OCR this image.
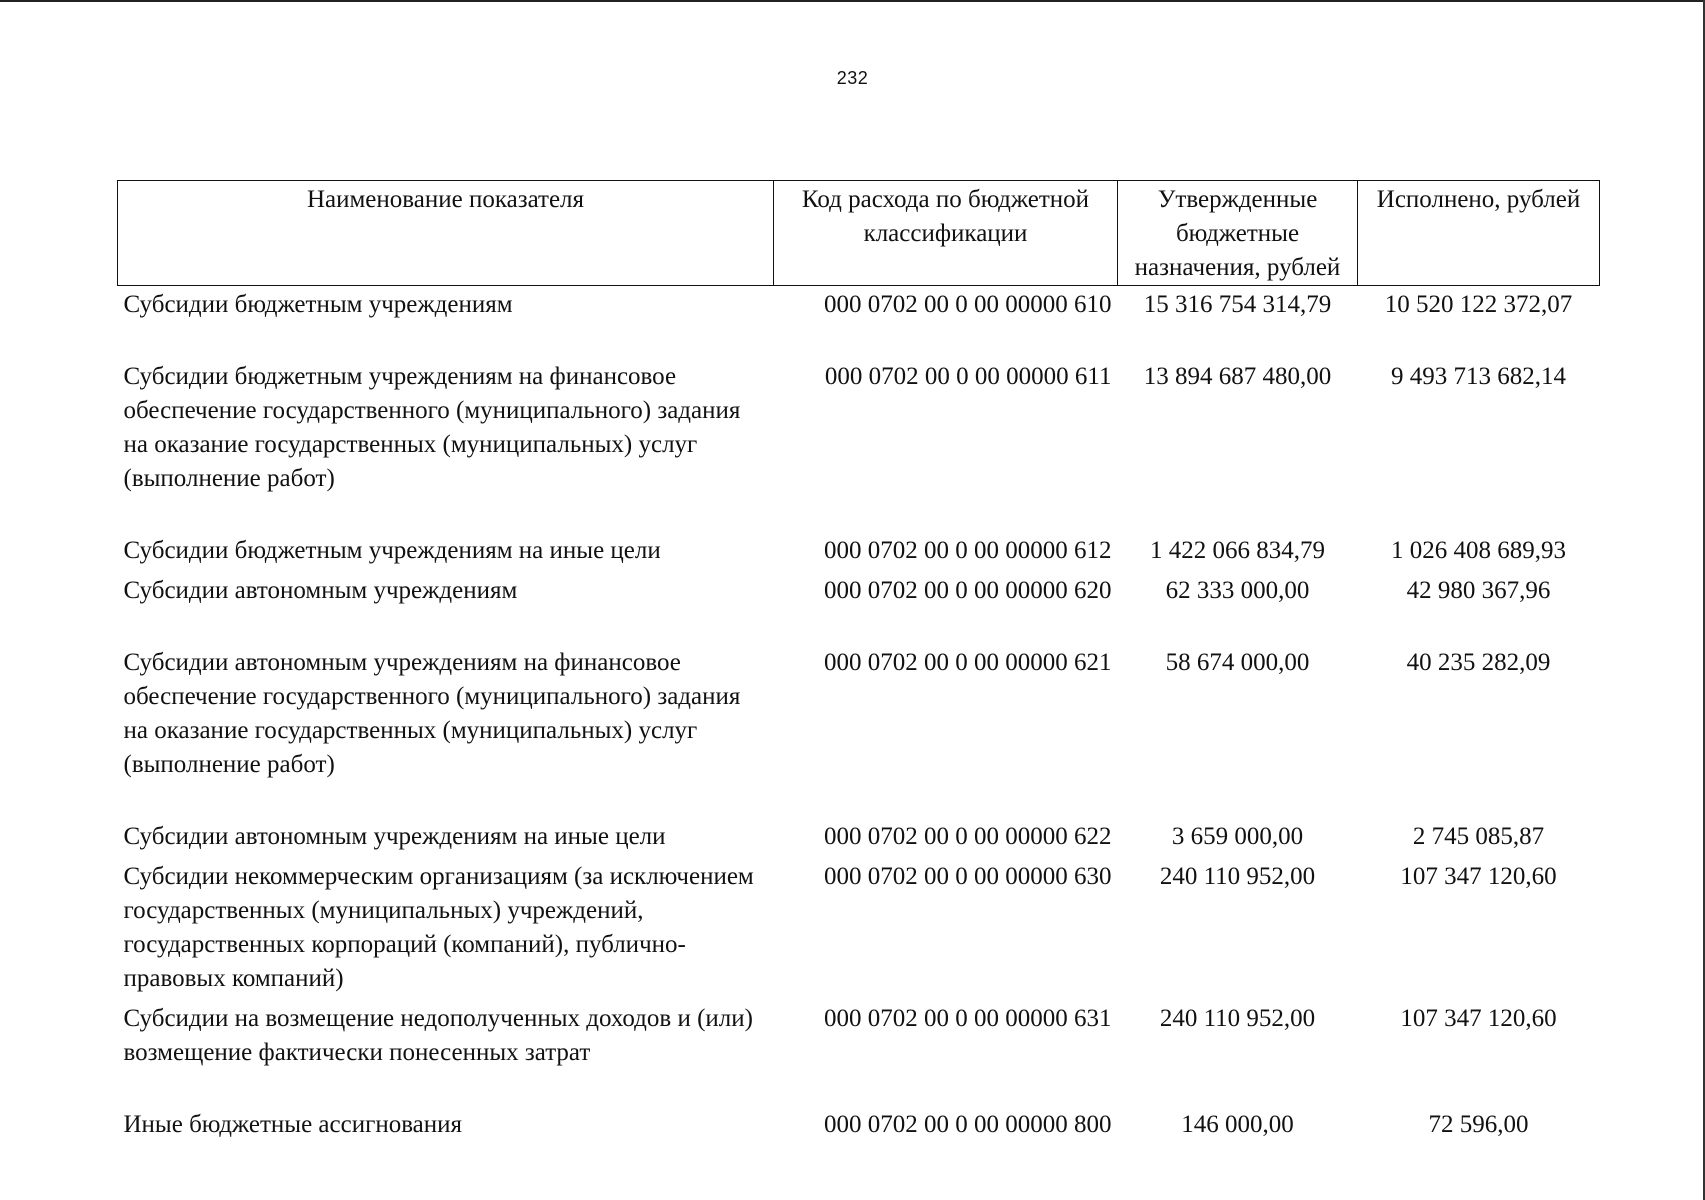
232
Наименование показателя	Код расхода по бюджетной классификации	Утвержденные бюджетные назначения, рублей	Исполнено, рублей
Субсидии бюджетным учреждениям	000 0702 00 0 00 00000 610	15 316 754 314,79	10 520 122 372,07
Субсидии бюджетным учреждениям на финансовое обеспечение государственного (муниципального) задания на оказание государственных (муниципальных) услуг (выполнение работ)	000 0702 00 0 00 00000 611	13 894 687 480,00	9 493 713 682,14
Субсидии бюджетным учреждениям на иные цели	000 0702 00 0 00 00000 612	1 422 066 834,79	1 026 408 689,93
Субсидии автономным учреждениям	000 0702 00 0 00 00000 620	62 333 000,00	42 980 367,96
Субсидии автономным учреждениям на финансовое обеспечение государственного (муниципального) задания на оказание государственных (муниципальных) услуг (выполнение работ)	000 0702 00 0 00 00000 621	58 674 000,00	40 235 282,09
Субсидии автономным учреждениям на иные цели	000 0702 00 0 00 00000 622	3 659 000,00	2 745 085,87
Субсидии некоммерческим организациям (за исключением государственных (муниципальных) учреждений, государственных корпораций (компаний), публично-правовых компаний)	000 0702 00 0 00 00000 630	240 110 952,00	107 347 120,60
Субсидии на возмещение недополученных доходов и (или) возмещение фактически понесенных затрат	000 0702 00 0 00 00000 631	240 110 952,00	107 347 120,60
Иные бюджетные ассигнования	000 0702 00 0 00 00000 800	146 000,00	72 596,00
